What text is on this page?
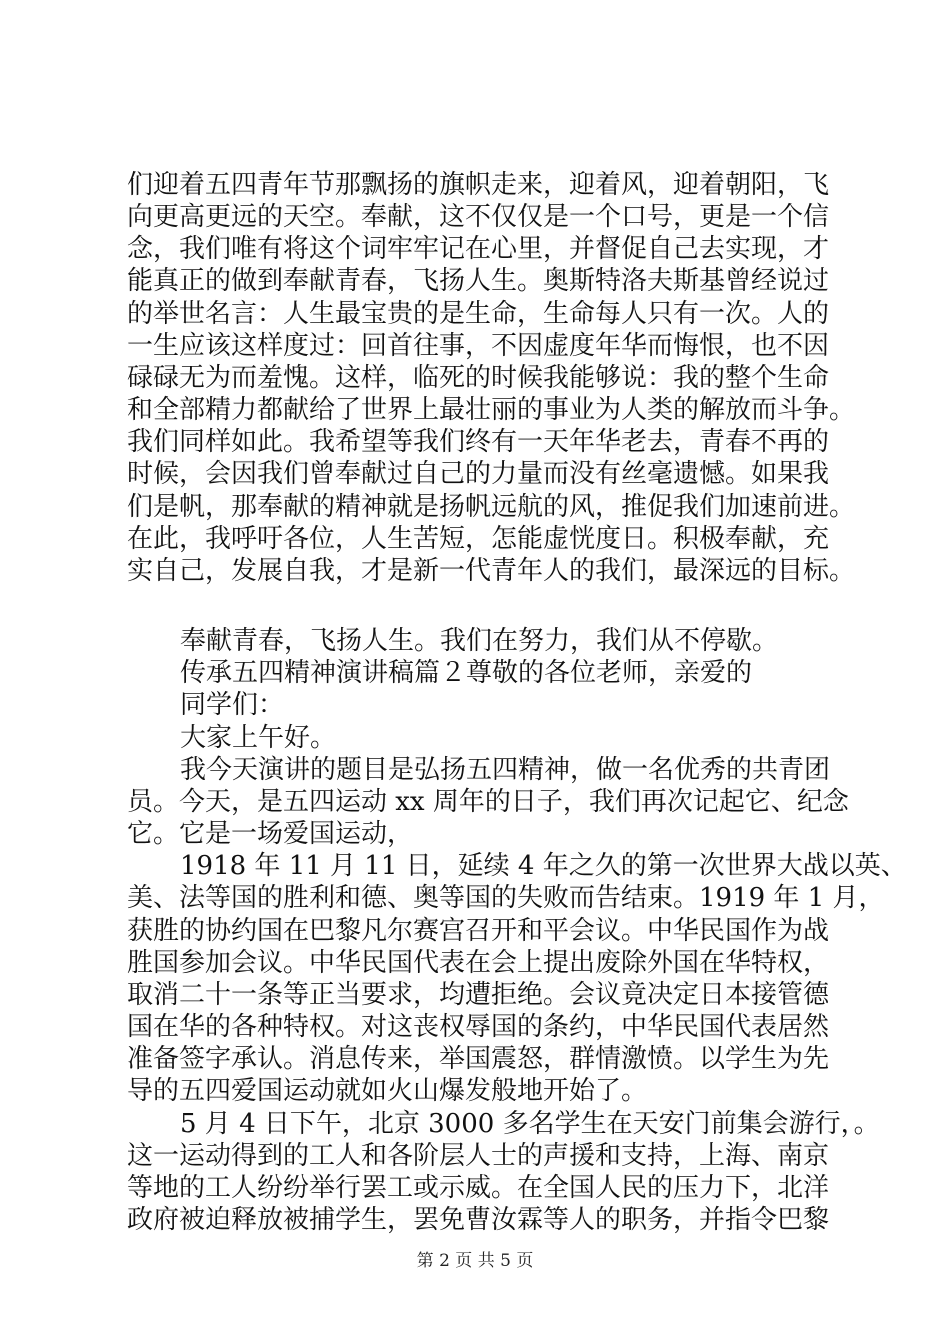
们迎着五四青年节那飘扬的旗帜走来，迎着风，迎着朝阳，飞
向更高更远的天空。奉献，这不仅仅是一个口号，更是一个信
念，我们唯有将这个词牢牢记在心里，并督促自己去实现，才
能真正的做到奉献青春，飞扬人生。奥斯特洛夫斯基曾经说过
的举世名言：人生最宝贵的是生命，生命每人只有一次。人的
一生应该这样度过：回首往事，不因虚度年华而悔恨，也不因
碌碌无为而羞愧。这样，临死的时候我能够说：我的整个生命
和全部精力都献给了世界上最壮丽的事业为人类的解放而斗争。
我们同样如此。我希望等我们终有一天年华老去，青春不再的
时候，会因我们曾奉献过自己的力量而没有丝毫遗憾。如果我
们是帆，那奉献的精神就是扬帆远航的风，推促我们加速前进。
在此，我呼吁各位，人生苦短，怎能虚恍度日。积极奉献，充
实自己，发展自我，才是新一代青年人的我们，最深远的目标。
奉献青春，飞扬人生。我们在努力，我们从不停歇。
传承五四精神演讲稿篇２尊敬的各位老师，亲爱的
同学们：
大家上午好。
我今天演讲的题目是弘扬五四精神，做一名优秀的共青团
员。今天，是五四运动 xx 周年的日子，我们再次记起它、纪念
它。它是一场爱国运动，
1918 年 11 月 11 日，延续 4 年之久的第一次世界大战以英、
美、法等国的胜利和德、奥等国的失败而告结束。1919 年 1 月，
获胜的协约国在巴黎凡尔赛宫召开和平会议。中华民国作为战
胜国参加会议。中华民国代表在会上提出废除外国在华特权，
取消二十一条等正当要求，均遭拒绝。会议竟决定日本接管德
国在华的各种特权。对这丧权辱国的条约，中华民国代表居然
准备签字承认。消息传来，举国震怒，群情激愤。以学生为先
导的五四爱国运动就如火山爆发般地开始了。
5 月 4 日下午，北京 3000 多名学生在天安门前集会游行，。
这一运动得到的工人和各阶层人士的声援和支持，上海、南京
等地的工人纷纷举行罢工或示威。在全国人民的压力下，北洋
政府被迫释放被捕学生，罢免曹汝霖等人的职务，并指令巴黎
第 2 页 共 5 页
